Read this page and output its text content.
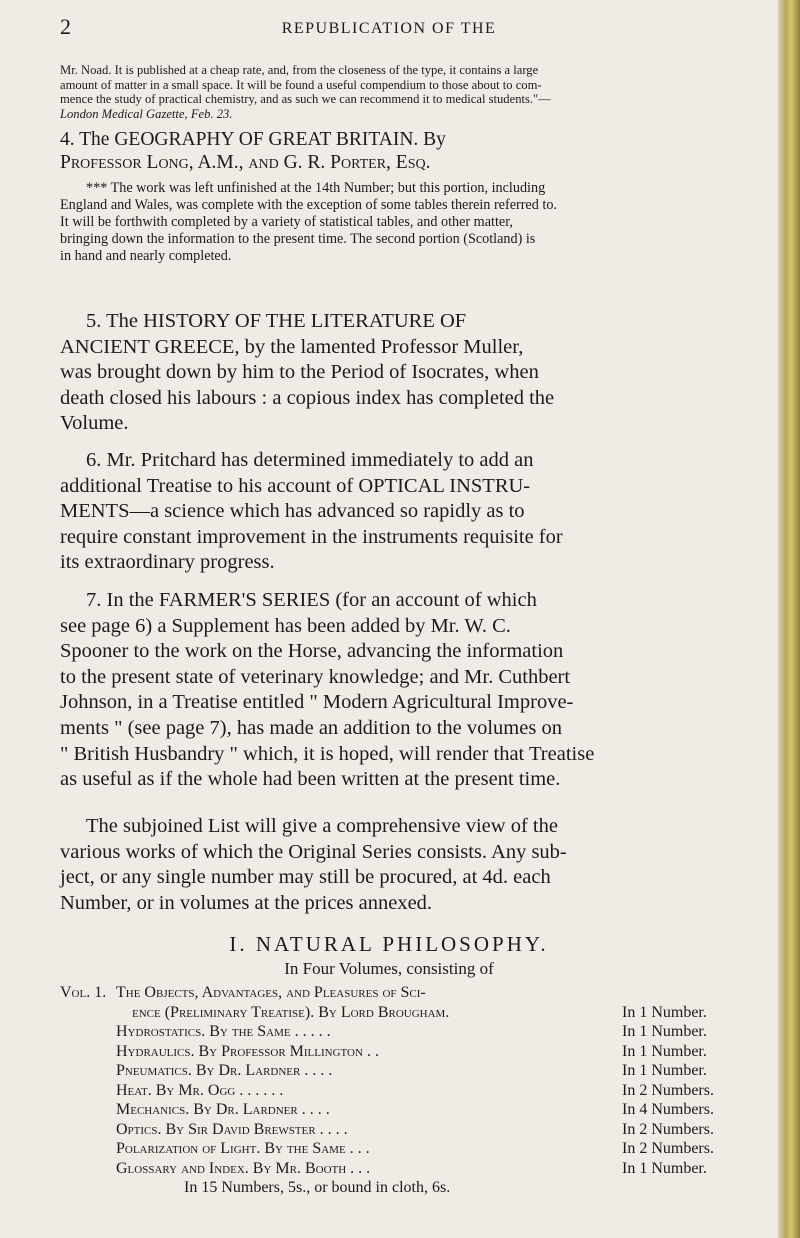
2	REPUBLICATION OF THE
Mr. Noad. It is published at a cheap rate, and, from the closeness of the type, it contains a large
amount of matter in a small space. It will be found a useful compendium to those about to com-
mence the study of practical chemistry, and as such we can recommend it to medical students."—
London Medical Gazette, Feb. 23.
4. The GEOGRAPHY OF GREAT BRITAIN. By
Professor Long, A.M., and G. R. Porter, Esq.
*** The work was left unfinished at the 14th Number; but this portion, including
England and Wales, was complete with the exception of some tables therein referred to.
It will be forthwith completed by a variety of statistical tables, and other matter,
bringing down the information to the present time. The second portion (Scotland) is
in hand and nearly completed.
5. The HISTORY OF THE LITERATURE OF
ANCIENT GREECE, by the lamented Professor Muller,
was brought down by him to the Period of Isocrates, when
death closed his labours : a copious index has completed the
Volume.
6. Mr. Pritchard has determined immediately to add an
additional Treatise to his account of OPTICAL INSTRU-
MENTS—a science which has advanced so rapidly as to
require constant improvement in the instruments requisite for
its extraordinary progress.
7. In the FARMER'S SERIES (for an account of which
see page 6) a Supplement has been added by Mr. W. C.
Spooner to the work on the Horse, advancing the information
to the present state of veterinary knowledge; and Mr. Cuthbert
Johnson, in a Treatise entitled " Modern Agricultural Improve-
ments " (see page 7), has made an addition to the volumes on
" British Husbandry " which, it is hoped, will render that Treatise
as useful as if the whole had been written at the present time.
The subjoined List will give a comprehensive view of the
various works of which the Original Series consists. Any sub-
ject, or any single number may still be procured, at 4d. each
Number, or in volumes at the prices annexed.
I. NATURAL PHILOSOPHY.
In Four Volumes, consisting of
Vol. 1. The Objects, Advantages, and Pleasures of Sci-
ence (Preliminary Treatise). By Lord Brougham.	In 1 Number.
Hydrostatics. By the Same . . . . .	In 1 Number.
Hydraulics. By Professor Millington . .	In 1 Number.
Pneumatics. By Dr. Lardner . . . .	In 1 Number.
Heat. By Mr. Ogg . . . . . .	In 2 Numbers.
Mechanics. By Dr. Lardner . . . .	In 4 Numbers.
Optics. By Sir David Brewster . . . .	In 2 Numbers.
Polarization of Light. By the Same . . .	In 2 Numbers.
Glossary and Index. By Mr. Booth . . .	In 1 Number.
In 15 Numbers, 5s., or bound in cloth, 6s.
